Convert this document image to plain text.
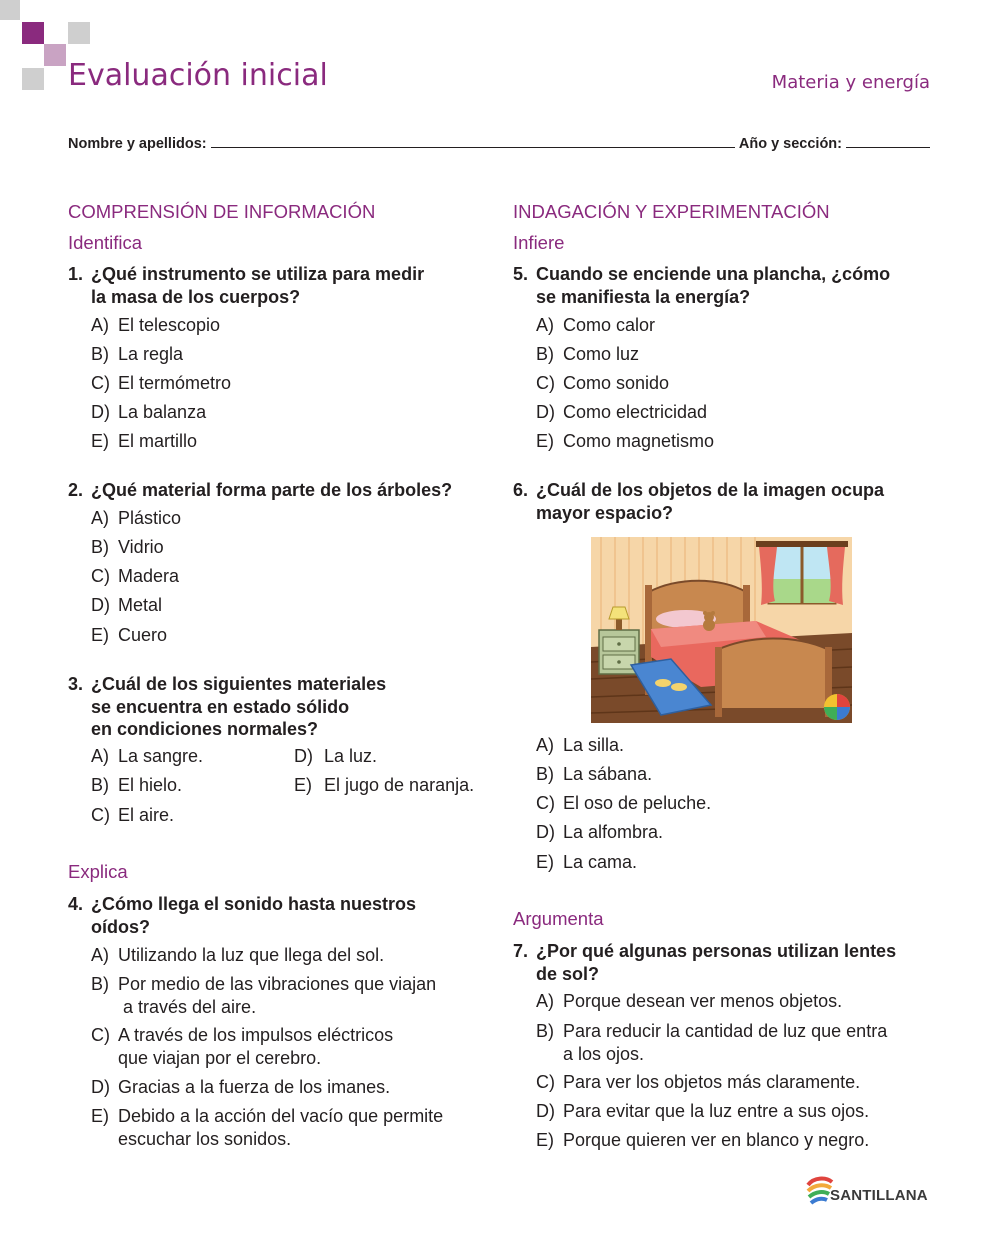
Evaluación inicial	Materia y energía
Nombre y apellidos:	Año y sección:
COMPRENSIÓN DE INFORMACIÓN
Identifica
1. ¿Qué instrumento se utiliza para medir
la masa de los cuerpos?
A) El telescopio
B) La regla
C) El termómetro
D) La balanza
E) El martillo
2. ¿Qué material forma parte de los árboles?
A) Plástico
B) Vidrio
C) Madera
D) Metal
E) Cuero
3. ¿Cuál de los siguientes materiales
se encuentra en estado sólido
en condiciones normales?
A) La sangre.
B) El hielo.
C) El aire.
D) La luz.
E) El jugo de naranja.
Explica
4. ¿Cómo llega el sonido hasta nuestros
oídos?
A) Utilizando la luz que llega del sol.
B) Por medio de las vibraciones que viajan
a través del aire.
C) A través de los impulsos eléctricos
que viajan por el cerebro.
D) Gracias a la fuerza de los imanes.
E) Debido a la acción del vacío que permite
escuchar los sonidos.
INDAGACIÓN Y EXPERIMENTACIÓN
Infiere
5. Cuando se enciende una plancha, ¿cómo
se manifiesta la energía?
A) Como calor
B) Como luz
C) Como sonido
D) Como electricidad
E) Como magnetismo
6. ¿Cuál de los objetos de la imagen ocupa
mayor espacio?
A) La silla.
B) La sábana.
C) El oso de peluche.
D) La alfombra.
E) La cama.
Argumenta
7. ¿Por qué algunas personas utilizan lentes
de sol?
A) Porque desean ver menos objetos.
B) Para reducir la cantidad de luz que entra
a los ojos.
C) Para ver los objetos más claramente.
D) Para evitar que la luz entre a sus ojos.
E) Porque quieren ver en blanco y negro.
SANTILLANA
